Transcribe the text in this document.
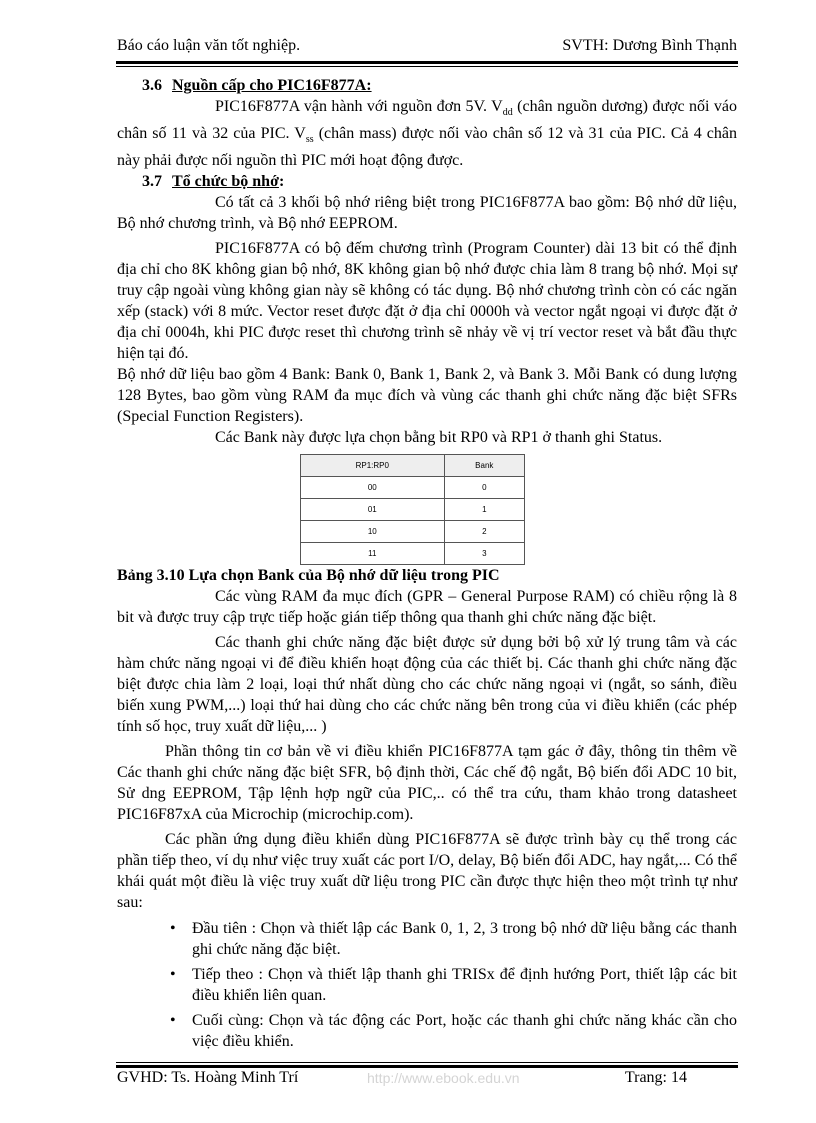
Báo cáo luận văn tốt nghiệp.	SVTH: Dương Bình Thạnh

3.6 Nguồn cấp cho PIC16F877A:

PIC16F877A vận hành với nguồn đơn 5V. $V_{dd}$ (chân nguồn dương) được nối váo chân số 11 và 32 của PIC. $V_{ss}$ (chân mass) được nối vào chân số 12 và 31 của PIC. Cả 4 chân này phải được nối nguồn thì PIC mới hoạt động được.

3.7 Tổ chức bộ nhớ:

Có tất cả 3 khối bộ nhớ riêng biệt trong PIC16F877A bao gồm: Bộ nhớ dữ liệu, Bộ nhớ chương trình, và Bộ nhớ EEPROM.

PIC16F877A có bộ đếm chương trình (Program Counter) dài 13 bit có thể định địa chỉ cho 8K không gian bộ nhớ, 8K không gian bộ nhớ được chia làm 8 trang bộ nhớ. Mọi sự truy cập ngoài vùng không gian này sẽ không có tác dụng. Bộ nhớ chương trình còn có các ngăn xếp (stack) với 8 mức. Vector reset được đặt ở địa chỉ 0000h và vector ngắt ngoại vi được đặt ở địa chỉ 0004h, khi PIC được reset thì chương trình sẽ nhảy về vị trí vector reset và bắt đầu thực hiện tại đó.

Bộ nhớ dữ liệu bao gồm 4 Bank: Bank 0, Bank 1, Bank 2, và Bank 3. Mỗi Bank có dung lượng 128 Bytes, bao gồm vùng RAM đa mục đích và vùng các thanh ghi chức năng đặc biệt SFRs (Special Function Registers).

Các Bank này được lựa chọn bằng bit RP0 và RP1 ở thanh ghi Status.

RP1:RP0	Bank
00	0
01	1
10	2
11	3

Bảng 3.10 Lựa chọn Bank của Bộ nhớ dữ liệu trong PIC

Các vùng RAM đa mục đích (GPR – General Purpose RAM) có chiều rộng là 8 bit và được truy cập trực tiếp hoặc gián tiếp thông qua thanh ghi chức năng đặc biệt.

Các thanh ghi chức năng đặc biệt được sử dụng bởi bộ xử lý trung tâm và các hàm chức năng ngoại vi để điều khiển hoạt động của các thiết bị. Các thanh ghi chức năng đặc biệt được chia làm 2 loại, loại thứ nhất dùng cho các chức năng ngoại vi (ngắt, so sánh, điều biến xung PWM,...) loại thứ hai dùng cho các chức năng bên trong của vi điều khiển (các phép tính số học, truy xuất dữ liệu,... )

Phần thông tin cơ bản về vi điều khiển PIC16F877A tạm gác ở đây, thông tin thêm về Các thanh ghi chức năng đặc biệt SFR, bộ định thời, Các chế độ ngắt, Bộ biến đổi ADC 10 bit, Sử dng EEPROM, Tập lệnh hợp ngữ của PIC,.. có thể tra cứu, tham khảo trong datasheet PIC16F87xA của Microchip (microchip.com).

Các phần ứng dụng điều khiển dùng PIC16F877A sẽ được trình bày cụ thể trong các phần tiếp theo, ví dụ như việc truy xuất các port I/O, delay, Bộ biến đổi ADC, hay ngắt,... Có thể khái quát một điều là việc truy xuất dữ liệu trong PIC cần được thực hiện theo một trình tự như sau:

• Đầu tiên : Chọn và thiết lập các Bank 0, 1, 2, 3 trong bộ nhớ dữ liệu bằng các thanh ghi chức năng đặc biệt.
• Tiếp theo : Chọn và thiết lập thanh ghi TRISx để định hướng Port, thiết lập các bit điều khiển liên quan.
• Cuối cùng: Chọn và tác động các Port, hoặc các thanh ghi chức năng khác cần cho việc điều khiển.
GVHD: Ts. Hoàng Minh Trí	http://www.ebook.edu.vn	Trang: 14
